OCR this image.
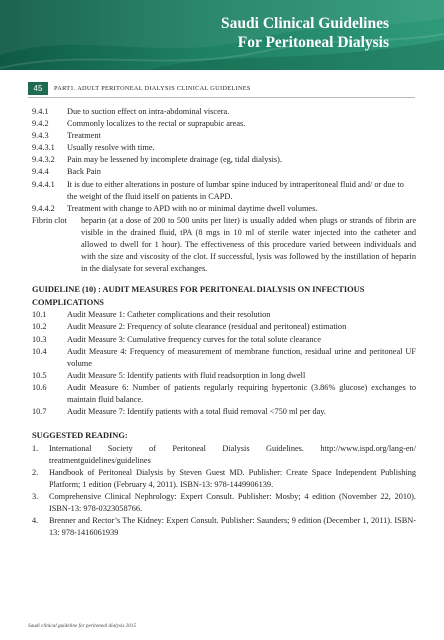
Saudi Clinical Guidelines
For Peritoneal Dialysis
45	PART1. ADULT PERITONEAL DIALYSIS CLINICAL GUIDELINES
9.4.1	Due to suction effect on intra-abdominal viscera.
9.4.2	Commonly localizes to the rectal or suprapubic areas.
9.4.3	Treatment
9.4.3.1	Usually resolve with time.
9.4.3.2	Pain may be lessened by incomplete drainage (eg, tidal dialysis).
9.4.4	Back Pain
9.4.4.1	It is due to either alterations in posture of lumbar spine induced by intraperitoneal fluid and/ or due to the weight of the fluid itself on patients in CAPD.
9.4.4.2	Treatment with change to APD with no or minimal daytime dwell volumes.
Fibrin clot	heparin (at a dose of 200 to 500 units per liter) is usually added when plugs or strands of fibrin are visible in the drained fluid, tPA (8 mgs in 10 ml of sterile water injected into the catheter and allowed to dwell for 1 hour). The effectiveness of this procedure varied between individuals and with the size and viscosity of the clot. If successful, lysis was followed by the instillation of heparin in the dialysate for several exchanges.
GUIDELINE (10) : AUDIT MEASURES FOR PERITONEAL DIALYSIS ON INFECTIOUS COMPLICATIONS
10.1	Audit Measure 1: Catheter complications and their resolution
10.2	Audit Measure 2: Frequency of solute clearance (residual and peritoneal) estimation
10.3	Audit Measure 3: Cumulative frequency curves for the total solute clearance
10.4	Audit Measure 4: Frequency of measurement of membrane function, residual urine and peritoneal UF volume
10.5	Audit Measure 5: Identify patients with fluid readsorption in long dwell
10.6	Audit Measure 6: Number of patients regularly requiring hypertonic (3.86% glucose) exchanges to maintain fluid balance.
10.7	Audit Measure 7: Identify patients with a total fluid removal <750 ml per day.
SUGGESTED READING:
1.	International Society of Peritoneal Dialysis Guidelines. http://www.ispd.org/lang-en/ treatmentguidelines/guidelines
2.	Handbook of Peritoneal Dialysis by Steven Guest MD. Publisher: Create Space Independent Publishing Platform; 1 edition (February 4, 2011). ISBN-13: 978-1449906139.
3.	Comprehensive Clinical Nephrology: Expert Consult. Publisher: Mosby; 4 edition (November 22, 2010). ISBN-13: 978-0323058766.
4.	Brenner and Rector’s The Kidney: Expert Consult. Publisher: Saunders; 9 edition (December 1, 2011). ISBN-13: 978-1416061939
Saudi clinical guideline for peritoneal dialysis 2015
